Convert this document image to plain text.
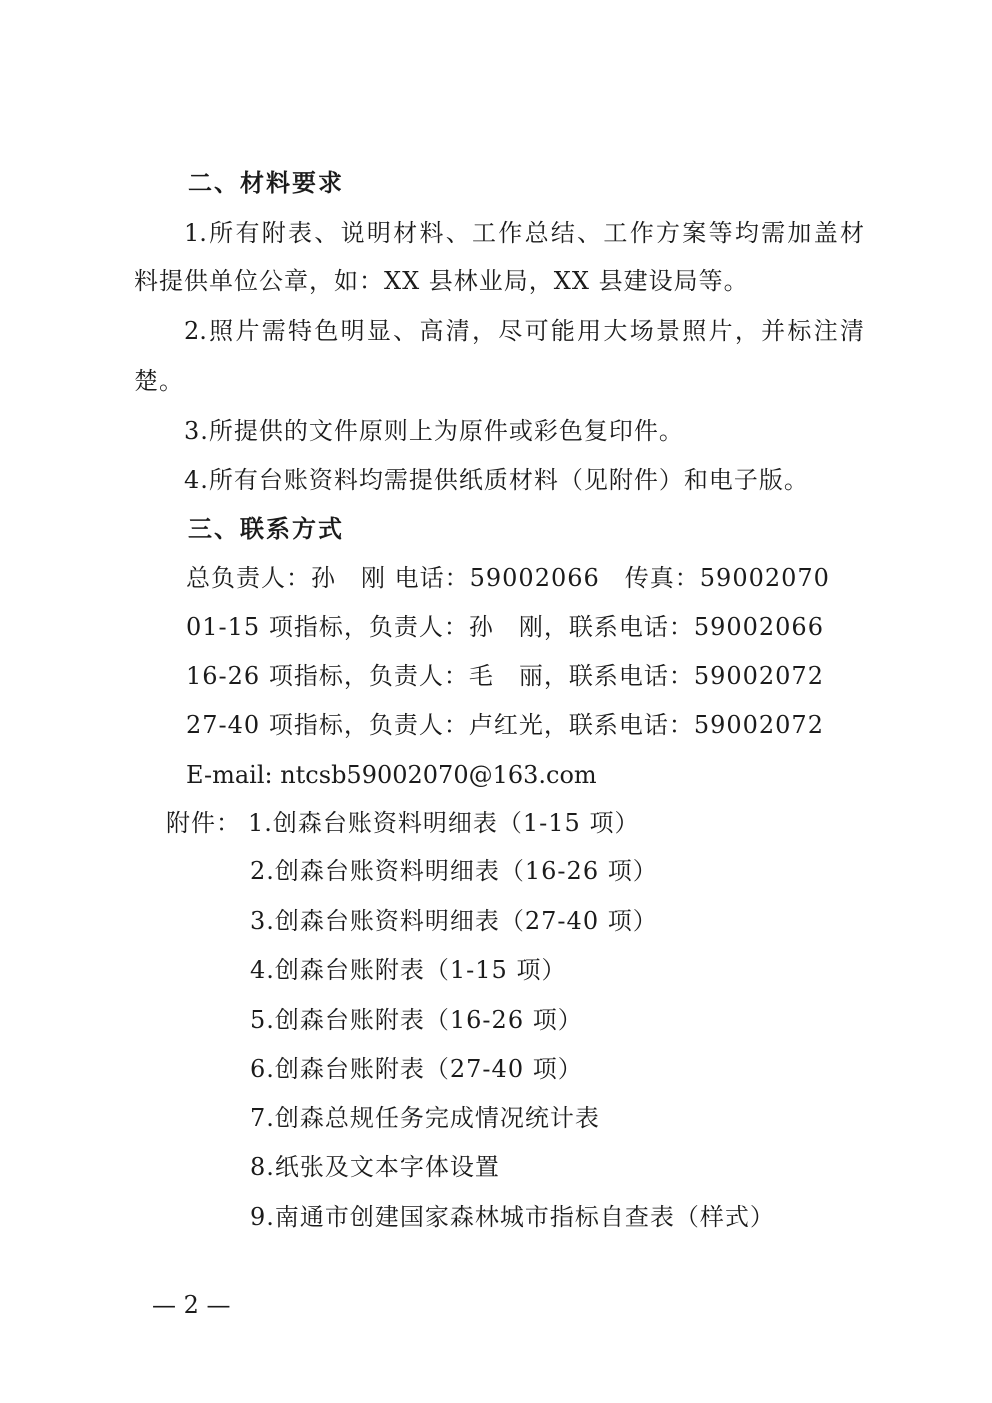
二、材料要求
1.所有附表、说明材料、工作总结、工作方案等均需加盖材
料提供单位公章，如：XX 县林业局，XX 县建设局等。
2.照片需特色明显、高清，尽可能用大场景照片，并标注清
楚。
3.所提供的文件原则上为原件或彩色复印件。
4.所有台账资料均需提供纸质材料（见附件）和电子版。
三、联系方式
总负责人：孙　刚 电话：59002066　传真：59002070
01-15 项指标，负责人：孙　刚，联系电话：59002066
16-26 项指标，负责人：毛　丽，联系电话：59002072
27-40 项指标，负责人：卢红光，联系电话：59002072
E-mail: ntcsb59002070@163.com
附件： 1.创森台账资料明细表（1-15 项）
2.创森台账资料明细表（16-26 项）
3.创森台账资料明细表（27-40 项）
4.创森台账附表（1-15 项）
5.创森台账附表（16-26 项）
6.创森台账附表（27-40 项）
7.创森总规任务完成情况统计表
8.纸张及文本字体设置
9.南通市创建国家森林城市指标自查表（样式）
— 2 —
